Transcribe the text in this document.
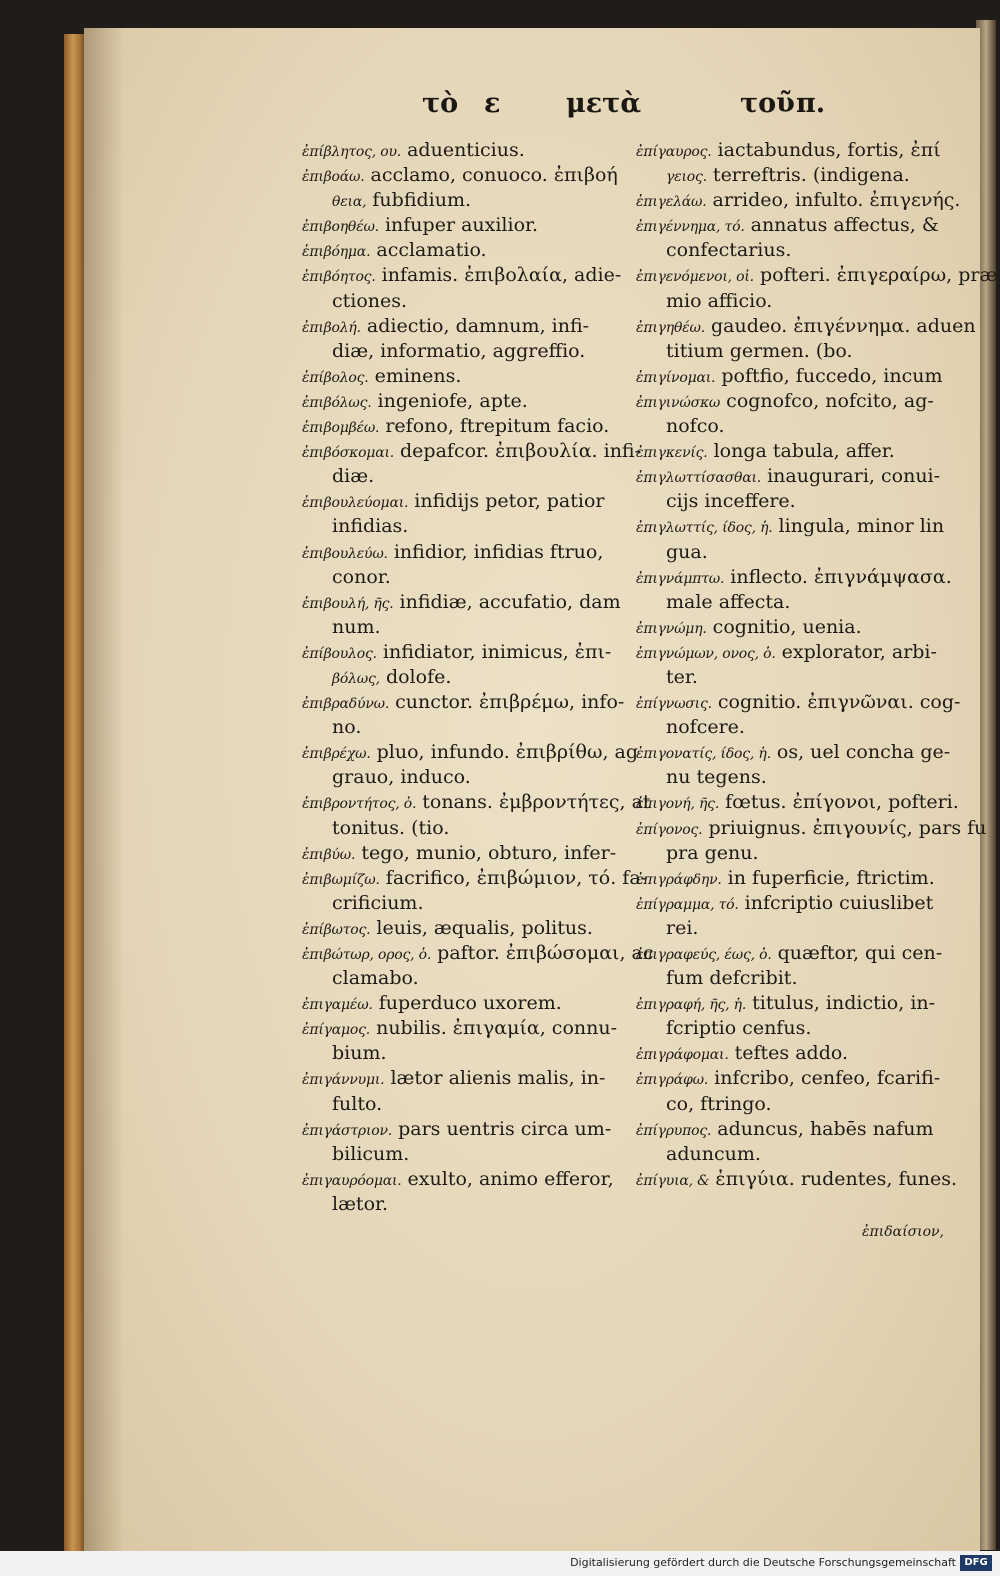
τὸ ε μετὰ	τοῦ π.
ἐπίβλητος, ου. aduenticius.
ἐπιβοάω. acclamo, conuoco. ἐπιβοή
θεια, fubfidium.
ἐπιβοηθέω. infuper auxilior.
ἐπιβόημα. acclamatio.
ἐπιβόητος. infamis. ἐπιβολαία, adie-
ctiones.
ἐπιβολή. adiectio, damnum, infi-
diæ, informatio, aggreffio.
ἐπίβολος. eminens.
ἐπιβόλως. ingeniofe, apte.
ἐπιβομβέω. refono, ftrepitum facio.
ἐπιβόσκομαι. depafcor. ἐπιβουλία. infi-
diæ.
ἐπιβουλεύομαι. infidijs petor, patior
infidias.
ἐπιβουλεύω. infidior, infidias ftruo,
conor.
ἐπιβουλή, ῆς. infidiæ, accufatio, dam
num.
ἐπίβουλος. infidiator, inimicus, ἐπι-
βόλως, dolofe.
ἐπιβραδύνω. cunctor. ἐπιβρέμω, info-
no.
ἐπιβρέχω. pluo, infundo. ἐπιβρίθω, ag
grauo, induco.
ἐπιβροντήτος, ὁ. tonans. ἐμβροντήτες, at
tonitus. (tio.
ἐπιβύω. tego, munio, obturo, infer-
ἐπιβωμίζω. facrifico, ἐπιβώμιον, τό. fa-
crificium.
ἐπίβωτος. leuis, æqualis, politus.
ἐπιβώτωρ, ορος, ὁ. paftor. ἐπιβώσομαι, ac
clamabo.
ἐπιγαμέω. fuperduco uxorem.
ἐπίγαμος. nubilis. ἐπιγαμία, connu-
bium.
ἐπιγάννυμι. lætor alienis malis, in-
fulto.
ἐπιγάστριον. pars uentris circa um-
bilicum.
ἐπιγαυρόομαι. exulto, animo efferor,
lætor.
ἐπίγαυρος. iactabundus, fortis, ἐπί
γειος. terreftris. (indigena.
ἐπιγελάω. arrideo, infulto. ἐπιγενής.
ἐπιγέννημα, τό. annatus affectus, &
confectarius.
ἐπιγενόμενοι, οἱ. pofteri. ἐπιγεραίρω, præ
mio afficio.
ἐπιγηθέω. gaudeo. ἐπιγέννημα. aduen
titium germen. (bo.
ἐπιγίνομαι. poftfio, fuccedo, incum
ἐπιγινώσκω cognofco, nofcito, ag-
nofco.
ἐπιγκενίς. longa tabula, affer.
ἐπιγλωττίσασθαι. inaugurari, conui-
cijs inceffere.
ἐπιγλωττίς, ίδος, ἡ. lingula, minor lin
gua.
ἐπιγνάμπτω. inflecto. ἐπιγνάμψασα.
male affecta.
ἐπιγνώμη. cognitio, uenia.
ἐπιγνώμων, ονος, ὁ. explorator, arbi-
ter.
ἐπίγνωσις. cognitio. ἐπιγνῶναι. cog-
nofcere.
ἐπιγονατίς, ίδος, ἡ. os, uel concha ge-
nu tegens.
ἐπιγονή, ῆς. fœtus. ἐπίγονοι, pofteri.
ἐπίγονος. priuignus. ἐπιγουνίς, pars fu
pra genu.
ἐπιγράφδην. in fuperficie, ftrictim.
ἐπίγραμμα, τό. infcriptio cuiuslibet
rei.
ἐπιγραφεύς, έως, ὁ. quæftor, qui cen-
fum defcribit.
ἐπιγραφή, ῆς, ἡ. titulus, indictio, in-
fcriptio cenfus.
ἐπιγράφομαι. teftes addo.
ἐπιγράφω. infcribo, cenfeo, fcarifi-
co, ftringo.
ἐπίγρυπος. aduncus, habēs nafum
aduncum.
ἐπίγυια, & ἐπιγύια. rudentes, funes.
ἐπιδαίσιον,
Digitalisierung gefördert durch die Deutsche Forschungsgemeinschaft DFG
